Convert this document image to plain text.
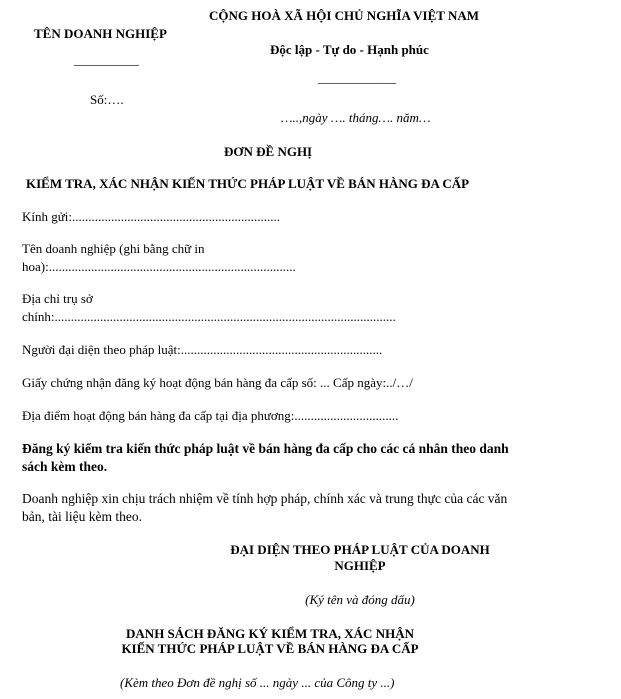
TÊN DOANH NGHIỆP
__________
Số:….
CỘNG HOÀ XÃ HỘI CHỦ NGHĨA VIỆT NAM
Độc lập - Tự do - Hạnh phúc
____________
…..,ngày …. tháng…. năm…
ĐƠN ĐỀ NGHỊ
KIỂM TRA, XÁC NHẬN KIẾN THỨC PHÁP LUẬT VỀ BÁN HÀNG ĐA CẤP
Kính gửi:................................................................
Tên doanh nghiệp (ghi bằng chữ in
hoa):............................................................................
Địa chỉ trụ sở
chính:.........................................................................................................
Người đại diện theo pháp luật:..............................................................
Giấy chứng nhận đăng ký hoạt động bán hàng đa cấp số: ... Cấp ngày:../…/
Địa điểm hoạt động bán hàng đa cấp tại địa phương:................................
Đăng ký kiểm tra kiến thức pháp luật về bán hàng đa cấp cho các cá nhân theo danh sách kèm theo.
Doanh nghiệp xin chịu trách nhiệm về tính hợp pháp, chính xác và trung thực của các văn bản, tài liệu kèm theo.
ĐẠI DIỆN THEO PHÁP LUẬT CỦA DOANH
NGHIỆP
(Ký tên và đóng dấu)
DANH SÁCH ĐĂNG KÝ KIỂM TRA, XÁC NHẬN
KIẾN THỨC PHÁP LUẬT VỀ BÁN HÀNG ĐA CẤP
(Kèm theo Đơn đề nghị số ... ngày ... của Công ty ...)
